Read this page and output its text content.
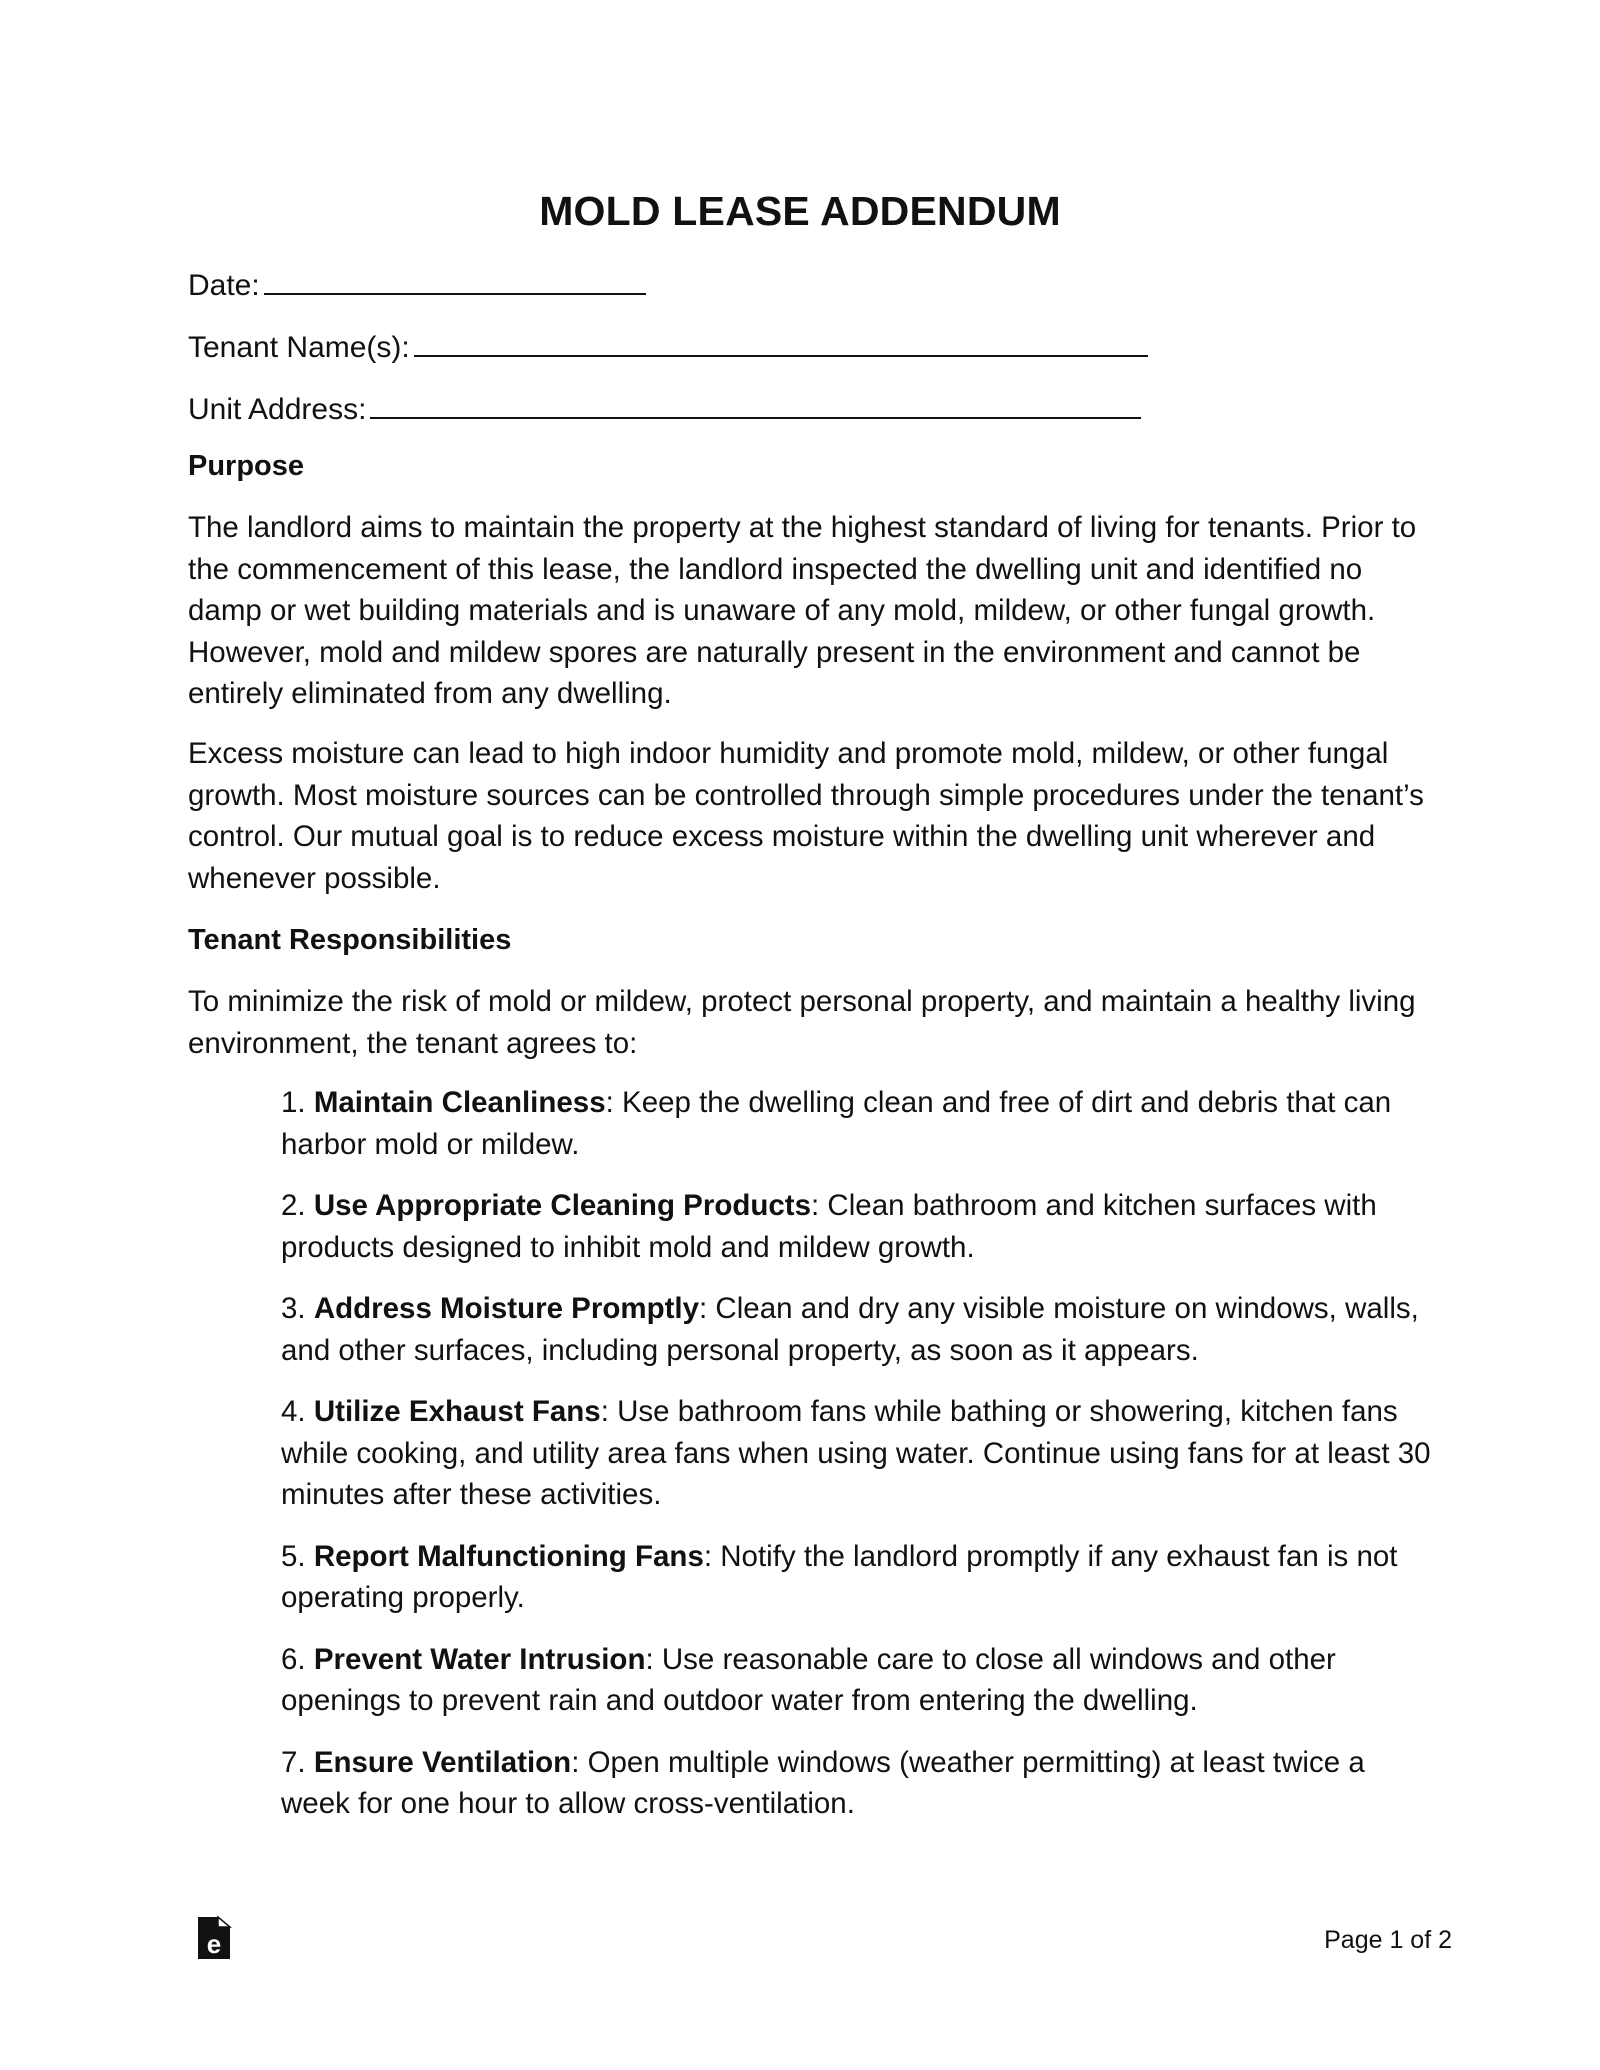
MOLD LEASE ADDENDUM
Date:
Tenant Name(s):
Unit Address:
Purpose
The landlord aims to maintain the property at the highest standard of living for tenants. Prior to the commencement of this lease, the landlord inspected the dwelling unit and identified no damp or wet building materials and is unaware of any mold, mildew, or other fungal growth. However, mold and mildew spores are naturally present in the environment and cannot be entirely eliminated from any dwelling.
Excess moisture can lead to high indoor humidity and promote mold, mildew, or other fungal growth. Most moisture sources can be controlled through simple procedures under the tenant’s control. Our mutual goal is to reduce excess moisture within the dwelling unit wherever and whenever possible.
Tenant Responsibilities
To minimize the risk of mold or mildew, protect personal property, and maintain a healthy living environment, the tenant agrees to:
1. Maintain Cleanliness: Keep the dwelling clean and free of dirt and debris that can harbor mold or mildew.
2. Use Appropriate Cleaning Products: Clean bathroom and kitchen surfaces with products designed to inhibit mold and mildew growth.
3. Address Moisture Promptly: Clean and dry any visible moisture on windows, walls, and other surfaces, including personal property, as soon as it appears.
4. Utilize Exhaust Fans: Use bathroom fans while bathing or showering, kitchen fans while cooking, and utility area fans when using water. Continue using fans for at least 30 minutes after these activities.
5. Report Malfunctioning Fans: Notify the landlord promptly if any exhaust fan is not operating properly.
6. Prevent Water Intrusion: Use reasonable care to close all windows and other openings to prevent rain and outdoor water from entering the dwelling.
7. Ensure Ventilation: Open multiple windows (weather permitting) at least twice a week for one hour to allow cross-ventilation.
e	Page 1 of 2
